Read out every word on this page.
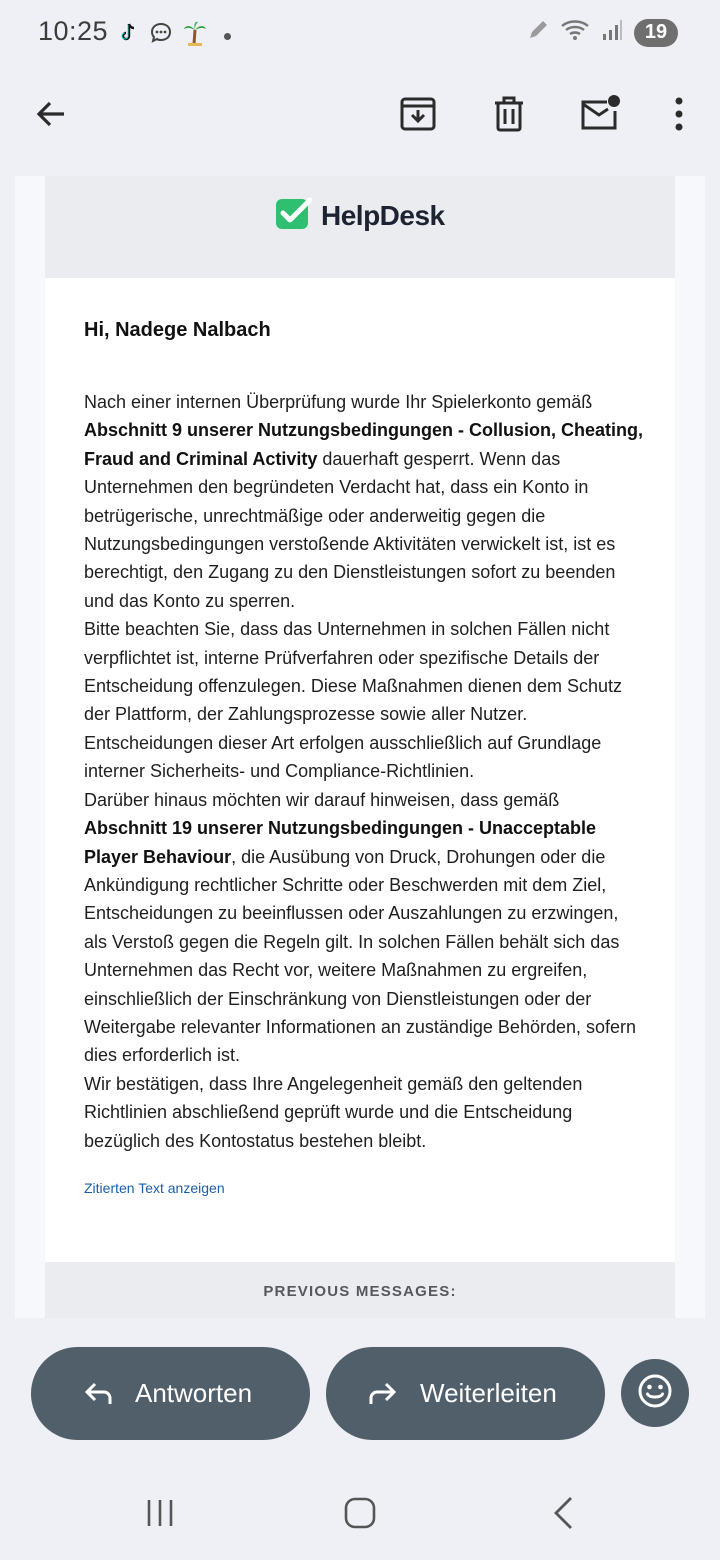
10:25	19
HelpDesk
Hi, Nadege Nalbach

Nach einer internen Überprüfung wurde Ihr Spielerkonto gemäß Abschnitt 9 unserer Nutzungsbedingungen - Collusion, Cheating, Fraud and Criminal Activity dauerhaft gesperrt. Wenn das Unternehmen den begründeten Verdacht hat, dass ein Konto in betrügerische, unrechtmäßige oder anderweitig gegen die Nutzungsbedingungen verstoßende Aktivitäten verwickelt ist, ist es berechtigt, den Zugang zu den Dienstleistungen sofort zu beenden und das Konto zu sperren.

Bitte beachten Sie, dass das Unternehmen in solchen Fällen nicht verpflichtet ist, interne Prüfverfahren oder spezifische Details der Entscheidung offenzulegen. Diese Maßnahmen dienen dem Schutz der Plattform, der Zahlungsprozesse sowie aller Nutzer. Entscheidungen dieser Art erfolgen ausschließlich auf Grundlage interner Sicherheits- und Compliance-Richtlinien.

Darüber hinaus möchten wir darauf hinweisen, dass gemäß Abschnitt 19 unserer Nutzungsbedingungen - Unacceptable Player Behaviour, die Ausübung von Druck, Drohungen oder die Ankündigung rechtlicher Schritte oder Beschwerden mit dem Ziel, Entscheidungen zu beeinflussen oder Auszahlungen zu erzwingen, als Verstoß gegen die Regeln gilt. In solchen Fällen behält sich das Unternehmen das Recht vor, weitere Maßnahmen zu ergreifen, einschließlich der Einschränkung von Dienstleistungen oder der Weitergabe relevanter Informationen an zuständige Behörden, sofern dies erforderlich ist.

Wir bestätigen, dass Ihre Angelegenheit gemäß den geltenden Richtlinien abschließend geprüft wurde und die Entscheidung bezüglich des Kontostatus bestehen bleibt.

Zitierten Text anzeigen
PREVIOUS MESSAGES:
Antworten	Weiterleiten
